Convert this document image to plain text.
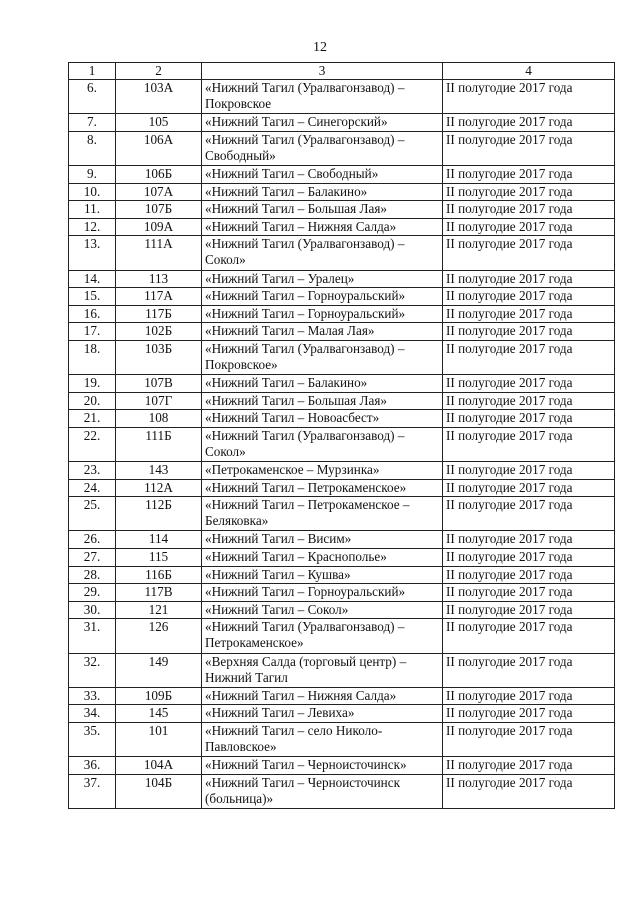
12
1	2	3	4
6.	103А	«Нижний Тагил (Уралвагонзавод) – Покровское	II полугодие 2017 года
7.	105	«Нижний Тагил – Синегорский»	II полугодие 2017 года
8.	106А	«Нижний Тагил (Уралвагонзавод) – Свободный»	II полугодие 2017 года
9.	106Б	«Нижний Тагил – Свободный»	II полугодие 2017 года
10.	107А	«Нижний Тагил – Балакино»	II полугодие 2017 года
11.	107Б	«Нижний Тагил – Большая Лая»	II полугодие 2017 года
12.	109А	«Нижний Тагил – Нижняя Салда»	II полугодие 2017 года
13.	111А	«Нижний Тагил (Уралвагонзавод) – Сокол»	II полугодие 2017 года
14.	113	«Нижний Тагил – Уралец»	II полугодие 2017 года
15.	117А	«Нижний Тагил – Горноуральский»	II полугодие 2017 года
16.	117Б	«Нижний Тагил – Горноуральский»	II полугодие 2017 года
17.	102Б	«Нижний Тагил – Малая Лая»	II полугодие 2017 года
18.	103Б	«Нижний Тагил (Уралвагонзавод) – Покровское»	II полугодие 2017 года
19.	107В	«Нижний Тагил – Балакино»	II полугодие 2017 года
20.	107Г	«Нижний Тагил – Большая Лая»	II полугодие 2017 года
21.	108	«Нижний Тагил – Новоасбест»	II полугодие 2017 года
22.	111Б	«Нижний Тагил (Уралвагонзавод) – Сокол»	II полугодие 2017 года
23.	143	«Петрокаменское – Мурзинка»	II полугодие 2017 года
24.	112А	«Нижний Тагил – Петрокаменское»	II полугодие 2017 года
25.	112Б	«Нижний Тагил – Петрокаменское – Беляковка»	II полугодие 2017 года
26.	114	«Нижний Тагил – Висим»	II полугодие 2017 года
27.	115	«Нижний Тагил – Краснополье»	II полугодие 2017 года
28.	116Б	«Нижний Тагил – Кушва»	II полугодие 2017 года
29.	117В	«Нижний Тагил – Горноуральский»	II полугодие 2017 года
30.	121	«Нижний Тагил – Сокол»	II полугодие 2017 года
31.	126	«Нижний Тагил (Уралвагонзавод) – Петрокаменское»	II полугодие 2017 года
32.	149	«Верхняя Салда (торговый центр) – Нижний Тагил	II полугодие 2017 года
33.	109Б	«Нижний Тагил – Нижняя Салда»	II полугодие 2017 года
34.	145	«Нижний Тагил – Левиха»	II полугодие 2017 года
35.	101	«Нижний Тагил – село Николо-Павловское»	II полугодие 2017 года
36.	104А	«Нижний Тагил – Черноисточинск»	II полугодие 2017 года
37.	104Б	«Нижний Тагил – Черноисточинск (больница)»	II полугодие 2017 года
